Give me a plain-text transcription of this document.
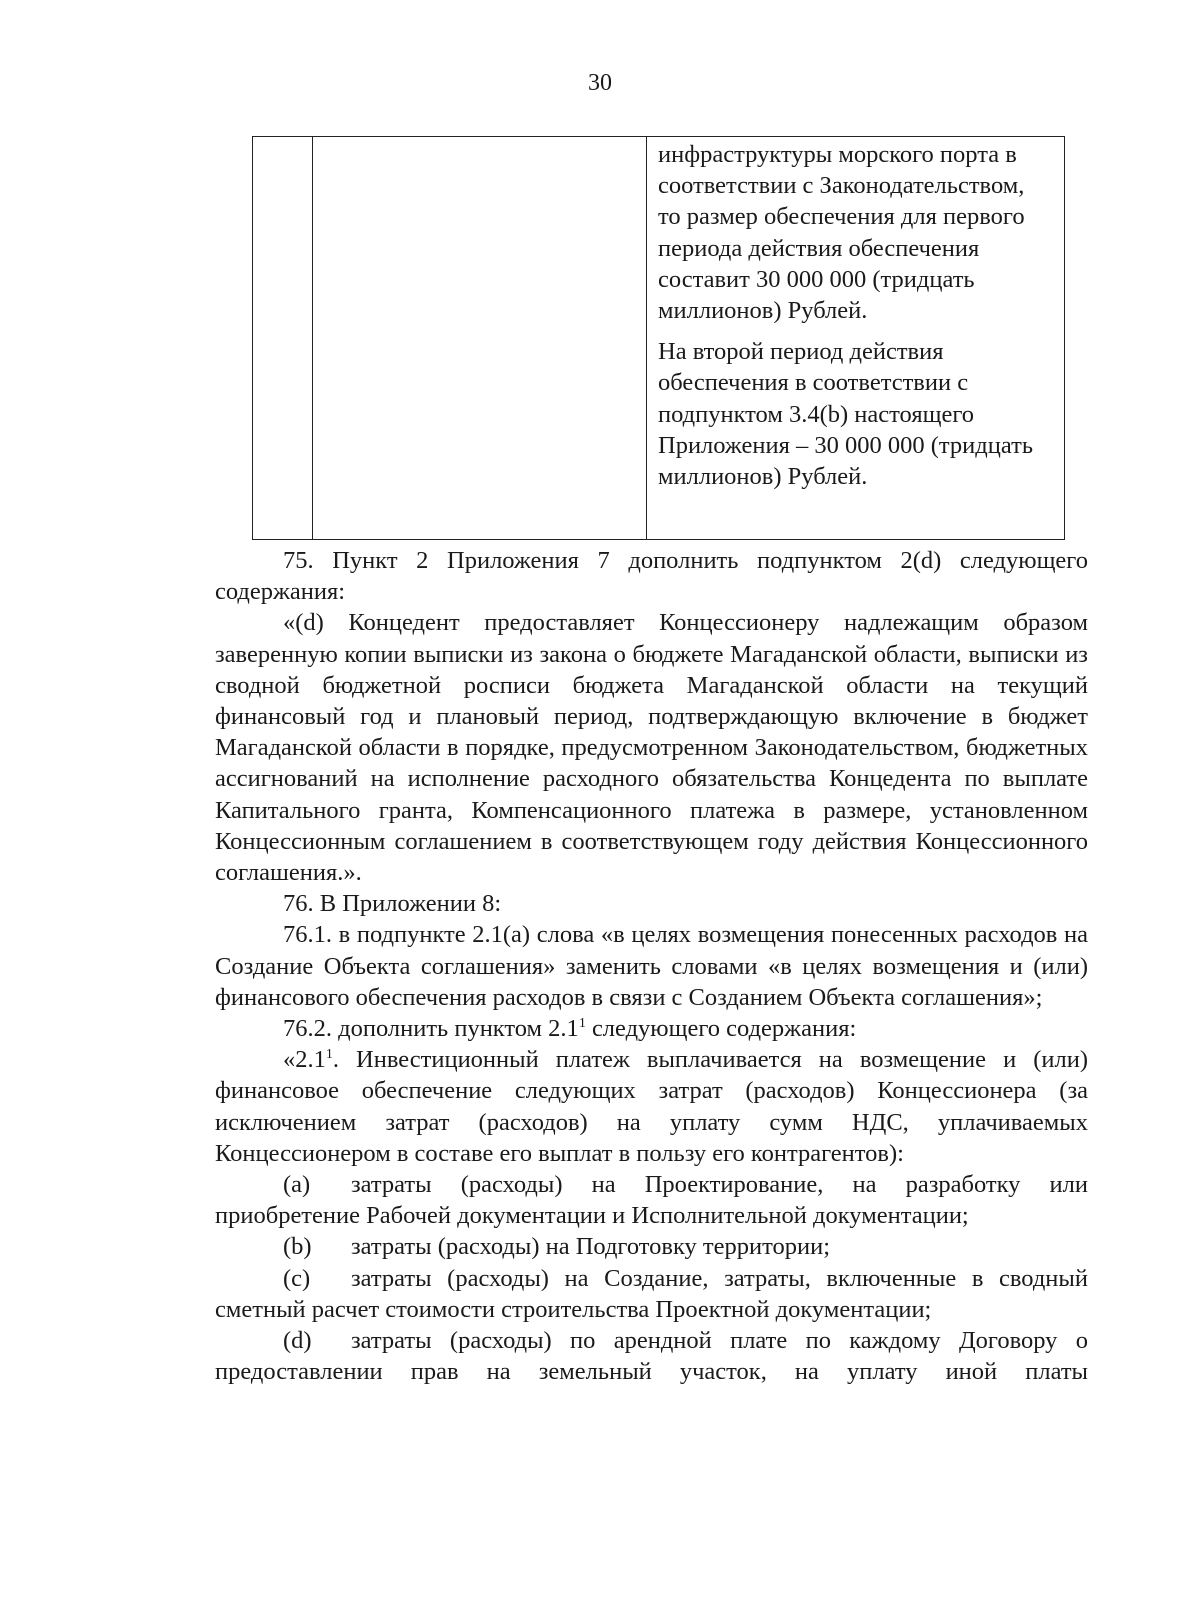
30

инфраструктуры морского порта в соответствии с Законодательством, то размер обеспечения для первого периода действия обеспечения составит 30 000 000 (тридцать миллионов) Рублей.

На второй период действия обеспечения в соответствии с подпунктом 3.4(b) настоящего Приложения – 30 000 000 (тридцать миллионов) Рублей.

75. Пункт 2 Приложения 7 дополнить подпунктом 2(d) следующего содержания:

«(d) Концедент предоставляет Концессионеру надлежащим образом заверенную копии выписки из закона о бюджете Магаданской области, выписки из сводной бюджетной росписи бюджета Магаданской области на текущий финансовый год и плановый период, подтверждающую включение в бюджет Магаданской области в порядке, предусмотренном Законодательством, бюджетных ассигнований на исполнение расходного обязательства Концедента по выплате Капитального гранта, Компенсационного платежа в размере, установленном Концессионным соглашением в соответствующем году действия Концессионного соглашения.».

76. В Приложении 8:

76.1. в подпункте 2.1(a) слова «в целях возмещения понесенных расходов на Создание Объекта соглашения» заменить словами «в целях возмещения и (или) финансового обеспечения расходов в связи с Созданием Объекта соглашения»;

76.2. дополнить пунктом $2.1^1$ следующего содержания:

«$2.1^1$. Инвестиционный платеж выплачивается на возмещение и (или) финансовое обеспечение следующих затрат (расходов) Концессионера (за исключением затрат (расходов) на уплату сумм НДС, уплачиваемых Концессионером в составе его выплат в пользу его контрагентов):

(a) затраты (расходы) на Проектирование, на разработку или приобретение Рабочей документации и Исполнительной документации;

(b) затраты (расходы) на Подготовку территории;

(c) затраты (расходы) на Создание, затраты, включенные в сводный сметный расчет стоимости строительства Проектной документации;

(d) затраты (расходы) по арендной плате по каждому Договору о предоставлении прав на земельный участок, на уплату иной платы
